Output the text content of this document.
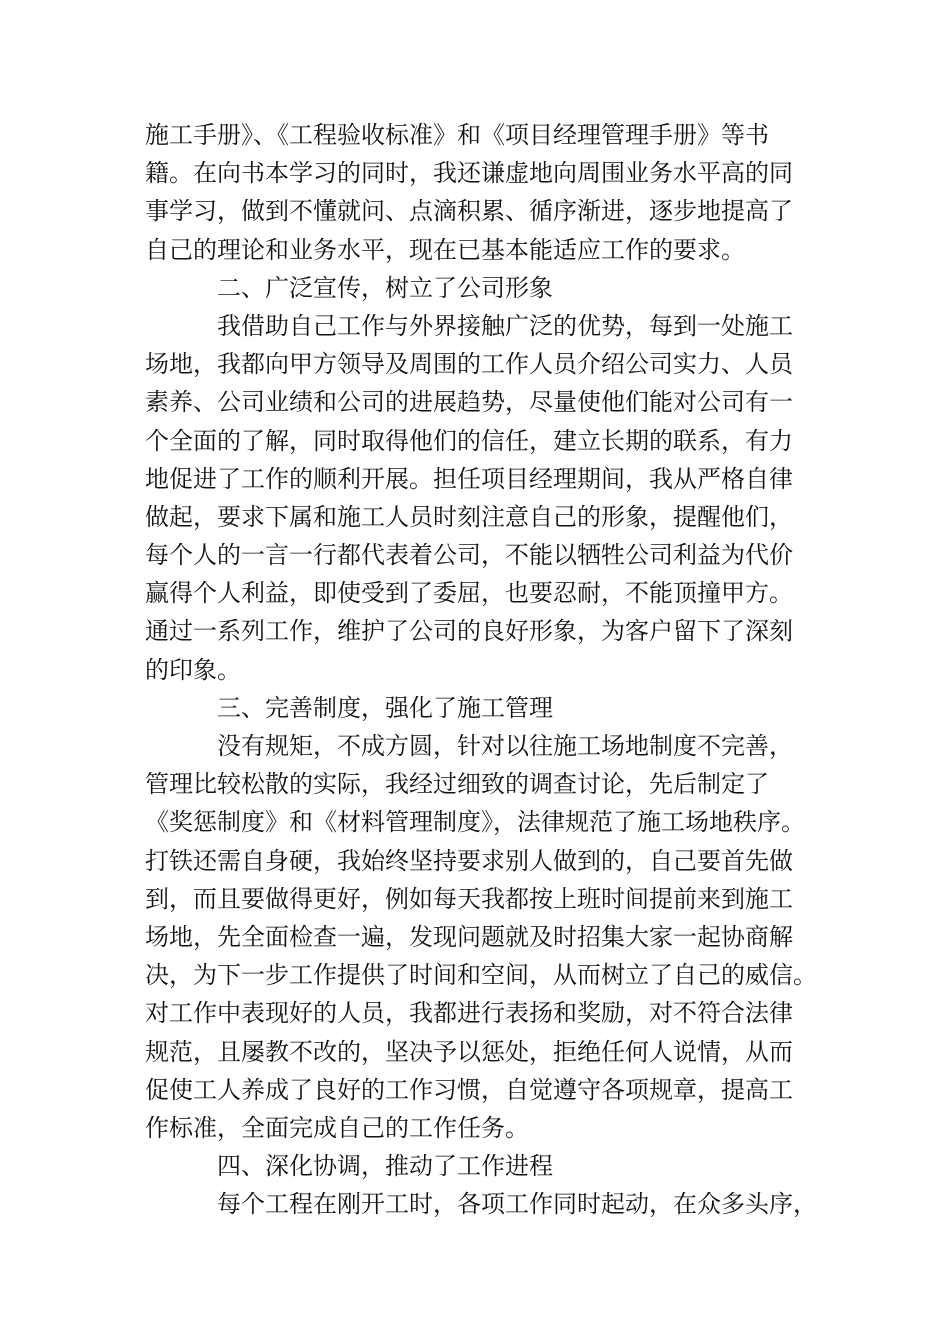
施工手册》、《工程验收标准》和《项目经理管理手册》等书
籍。在向书本学习的同时，我还谦虚地向周围业务水平高的同
事学习，做到不懂就问、点滴积累、循序渐进，逐步地提高了
自己的理论和业务水平，现在已基本能适应工作的要求。
二、广泛宣传，树立了公司形象
我借助自己工作与外界接触广泛的优势，每到一处施工
场地，我都向甲方领导及周围的工作人员介绍公司实力、人员
素养、公司业绩和公司的进展趋势，尽量使他们能对公司有一
个全面的了解，同时取得他们的信任，建立长期的联系，有力
地促进了工作的顺利开展。担任项目经理期间，我从严格自律
做起，要求下属和施工人员时刻注意自己的形象，提醒他们，
每个人的一言一行都代表着公司，不能以牺牲公司利益为代价
赢得个人利益，即使受到了委屈，也要忍耐，不能顶撞甲方。
通过一系列工作，维护了公司的良好形象，为客户留下了深刻
的印象。
三、完善制度，强化了施工管理
没有规矩，不成方圆，针对以往施工场地制度不完善，
管理比较松散的实际，我经过细致的调查讨论，先后制定了
《奖惩制度》和《材料管理制度》，法律规范了施工场地秩序。
打铁还需自身硬，我始终坚持要求别人做到的，自己要首先做
到，而且要做得更好，例如每天我都按上班时间提前来到施工
场地，先全面检查一遍，发现问题就及时招集大家一起协商解
决，为下一步工作提供了时间和空间，从而树立了自己的威信。
对工作中表现好的人员，我都进行表扬和奖励，对不符合法律
规范，且屡教不改的，坚决予以惩处，拒绝任何人说情，从而
促使工人养成了良好的工作习惯，自觉遵守各项规章，提高工
作标准，全面完成自己的工作任务。
四、深化协调，推动了工作进程
每个工程在刚开工时，各项工作同时起动，在众多头序，
